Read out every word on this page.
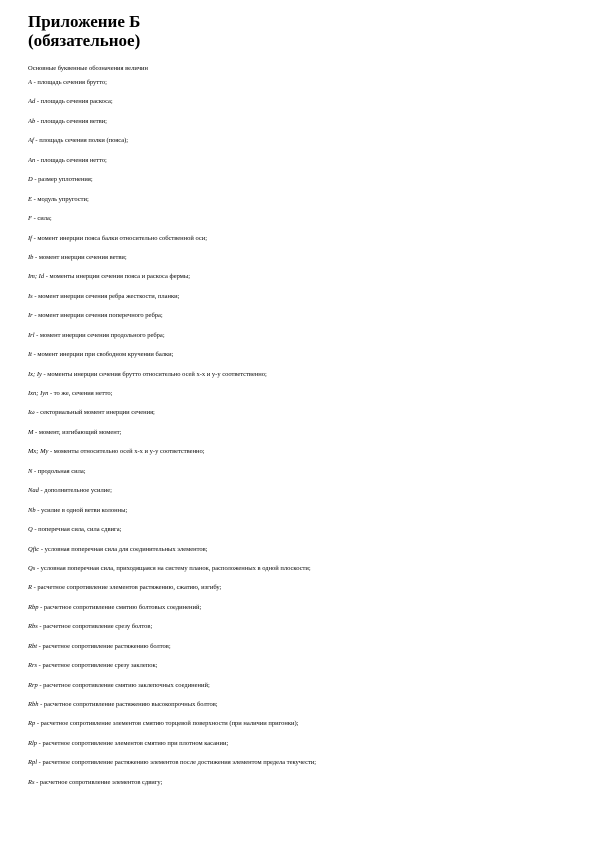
Приложение Б
(обязательное)
Основные буквенные обозначения величин
A - площадь сечения брутто;
Ad - площадь сечения раскоса;
Ab - площадь сечения ветви;
Af - площадь сечения полки (пояса);
An - площадь сечения нетто;
D - размер уплотнения;
E - модуль упругости;
F - сила;
If - момент инерции пояса балки относительно собственной оси;
Ib - момент инерции сечения ветви;
Im; Id - моменты инерции сечения пояса и раскоса фермы;
Is - момент инерции сечения ребра жесткости, планки;
Ir - момент инерции сечения поперечного ребра;
Irl - момент инерции сечения продольного ребра;
It - момент инерции при свободном кручении балки;
Ix; Iy - моменты инерции сечения брутто относительно осей x-x и y-y соответственно;
Ixn; Iyn - то же, сечения нетто;
Iω - секториальный момент инерции сечения;
M - момент, изгибающий момент;
Mx; My - моменты относительно осей x-x и y-y соответственно;
N - продольная сила;
Nad - дополнительное усилие;
Nb - усилие в одной ветви колонны;
Q - поперечная сила, сила сдвига;
Qfic - условная поперечная сила для соединительных элементов;
Qs - условная поперечная сила, приходящаяся на систему планок, расположенных в одной плоскости;
R - расчетное сопротивление элементов растяжению, сжатию, изгибу;
Rbp - расчетное сопротивление смятию болтовых соединений;
Rbs - расчетное сопротивление срезу болтов;
Rbt - расчетное сопротивление растяжению болтов;
Rrs - расчетное сопротивление срезу заклепок;
Rrp - расчетное сопротивление смятию заклепочных соединений;
Rbh - расчетное сопротивление растяжению высокопрочных болтов;
Rp - расчетное сопротивление элементов смятию торцевой поверхности (при наличии пригонки);
Rlp - расчетное сопротивление элементов смятию при плотном касании;
Rpl - расчетное сопротивление растяжению элементов после достижения элементом предела текучести;
Rs - расчетное сопротивление элементов сдвигу;
